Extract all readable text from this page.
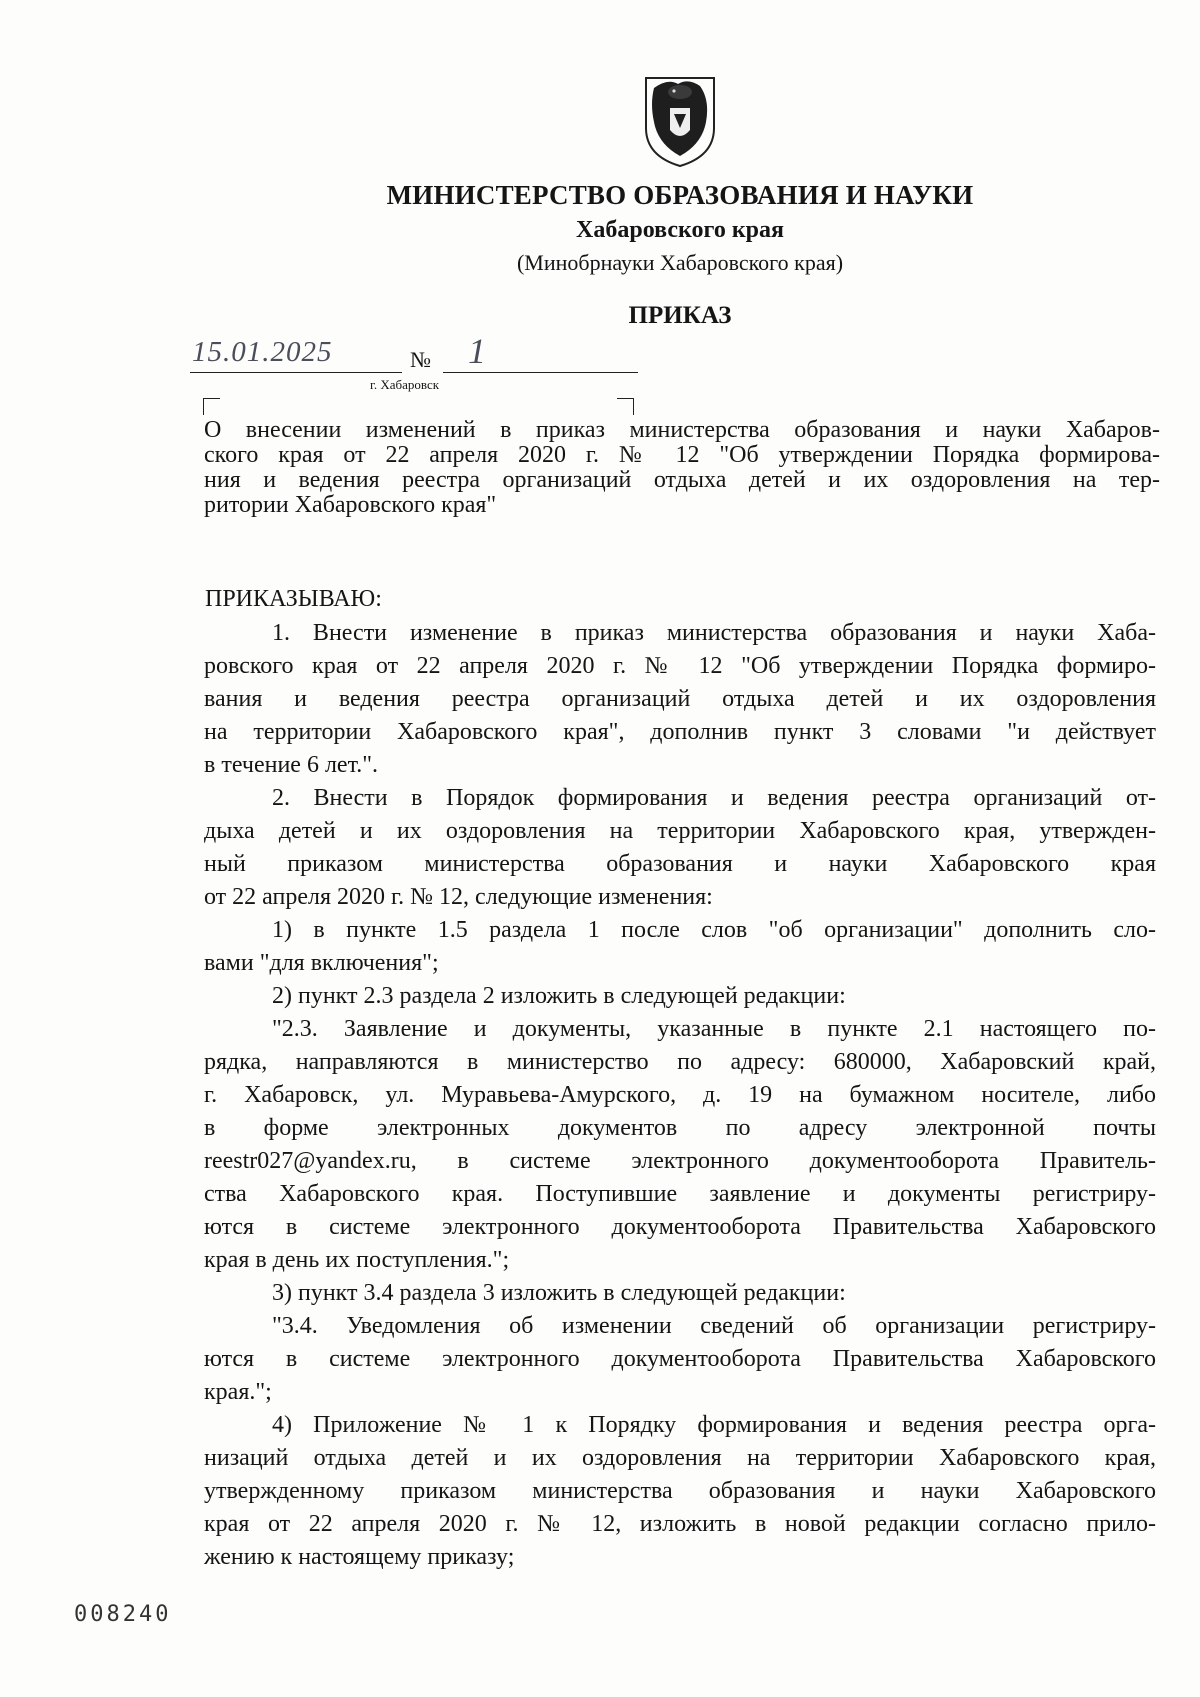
МИНИСТЕРСТВО ОБРАЗОВАНИЯ И НАУКИ
Хабаровского края
(Минобрнауки Хабаровского края)
ПРИКАЗ
15.01.2025	№ 1
г. Хабаровск
О внесении изменений в приказ министерства образования и науки Хабаров-
ского края от 22 апреля 2020 г. № 12 "Об утверждении Порядка формирова-
ния и ведения реестра организаций отдыха детей и их оздоровления на тер-
ритории Хабаровского края"
ПРИКАЗЫВАЮ:
1. Внести изменение в приказ министерства образования и науки Хаба-
ровского края от 22 апреля 2020 г. № 12 "Об утверждении Порядка формиро-
вания и ведения реестра организаций отдыха детей и их оздоровления
на территории Хабаровского края", дополнив пункт 3 словами "и действует
в течение 6 лет.".
2. Внести в Порядок формирования и ведения реестра организаций от-
дыха детей и их оздоровления на территории Хабаровского края, утвержден-
ный приказом министерства образования и науки Хабаровского края
от 22 апреля 2020 г. № 12, следующие изменения:
1) в пункте 1.5 раздела 1 после слов "об организации" дополнить сло-
вами "для включения";
2) пункт 2.3 раздела 2 изложить в следующей редакции:
"2.3. Заявление и документы, указанные в пункте 2.1 настоящего по-
рядка, направляются в министерство по адресу: 680000, Хабаровский край,
г. Хабаровск, ул. Муравьева-Амурского, д. 19 на бумажном носителе, либо
в форме электронных документов по адресу электронной почты
reestr027@yandex.ru, в системе электронного документооборота Правитель-
ства Хабаровского края. Поступившие заявление и документы регистриру-
ются в системе электронного документооборота Правительства Хабаровского
края в день их поступления.";
3) пункт 3.4 раздела 3 изложить в следующей редакции:
"3.4. Уведомления об изменении сведений об организации регистриру-
ются в системе электронного документооборота Правительства Хабаровского
края.";
4) Приложение № 1 к Порядку формирования и ведения реестра орга-
низаций отдыха детей и их оздоровления на территории Хабаровского края,
утвержденному приказом министерства образования и науки Хабаровского
края от 22 апреля 2020 г. № 12, изложить в новой редакции согласно прило-
жению к настоящему приказу;
008240
